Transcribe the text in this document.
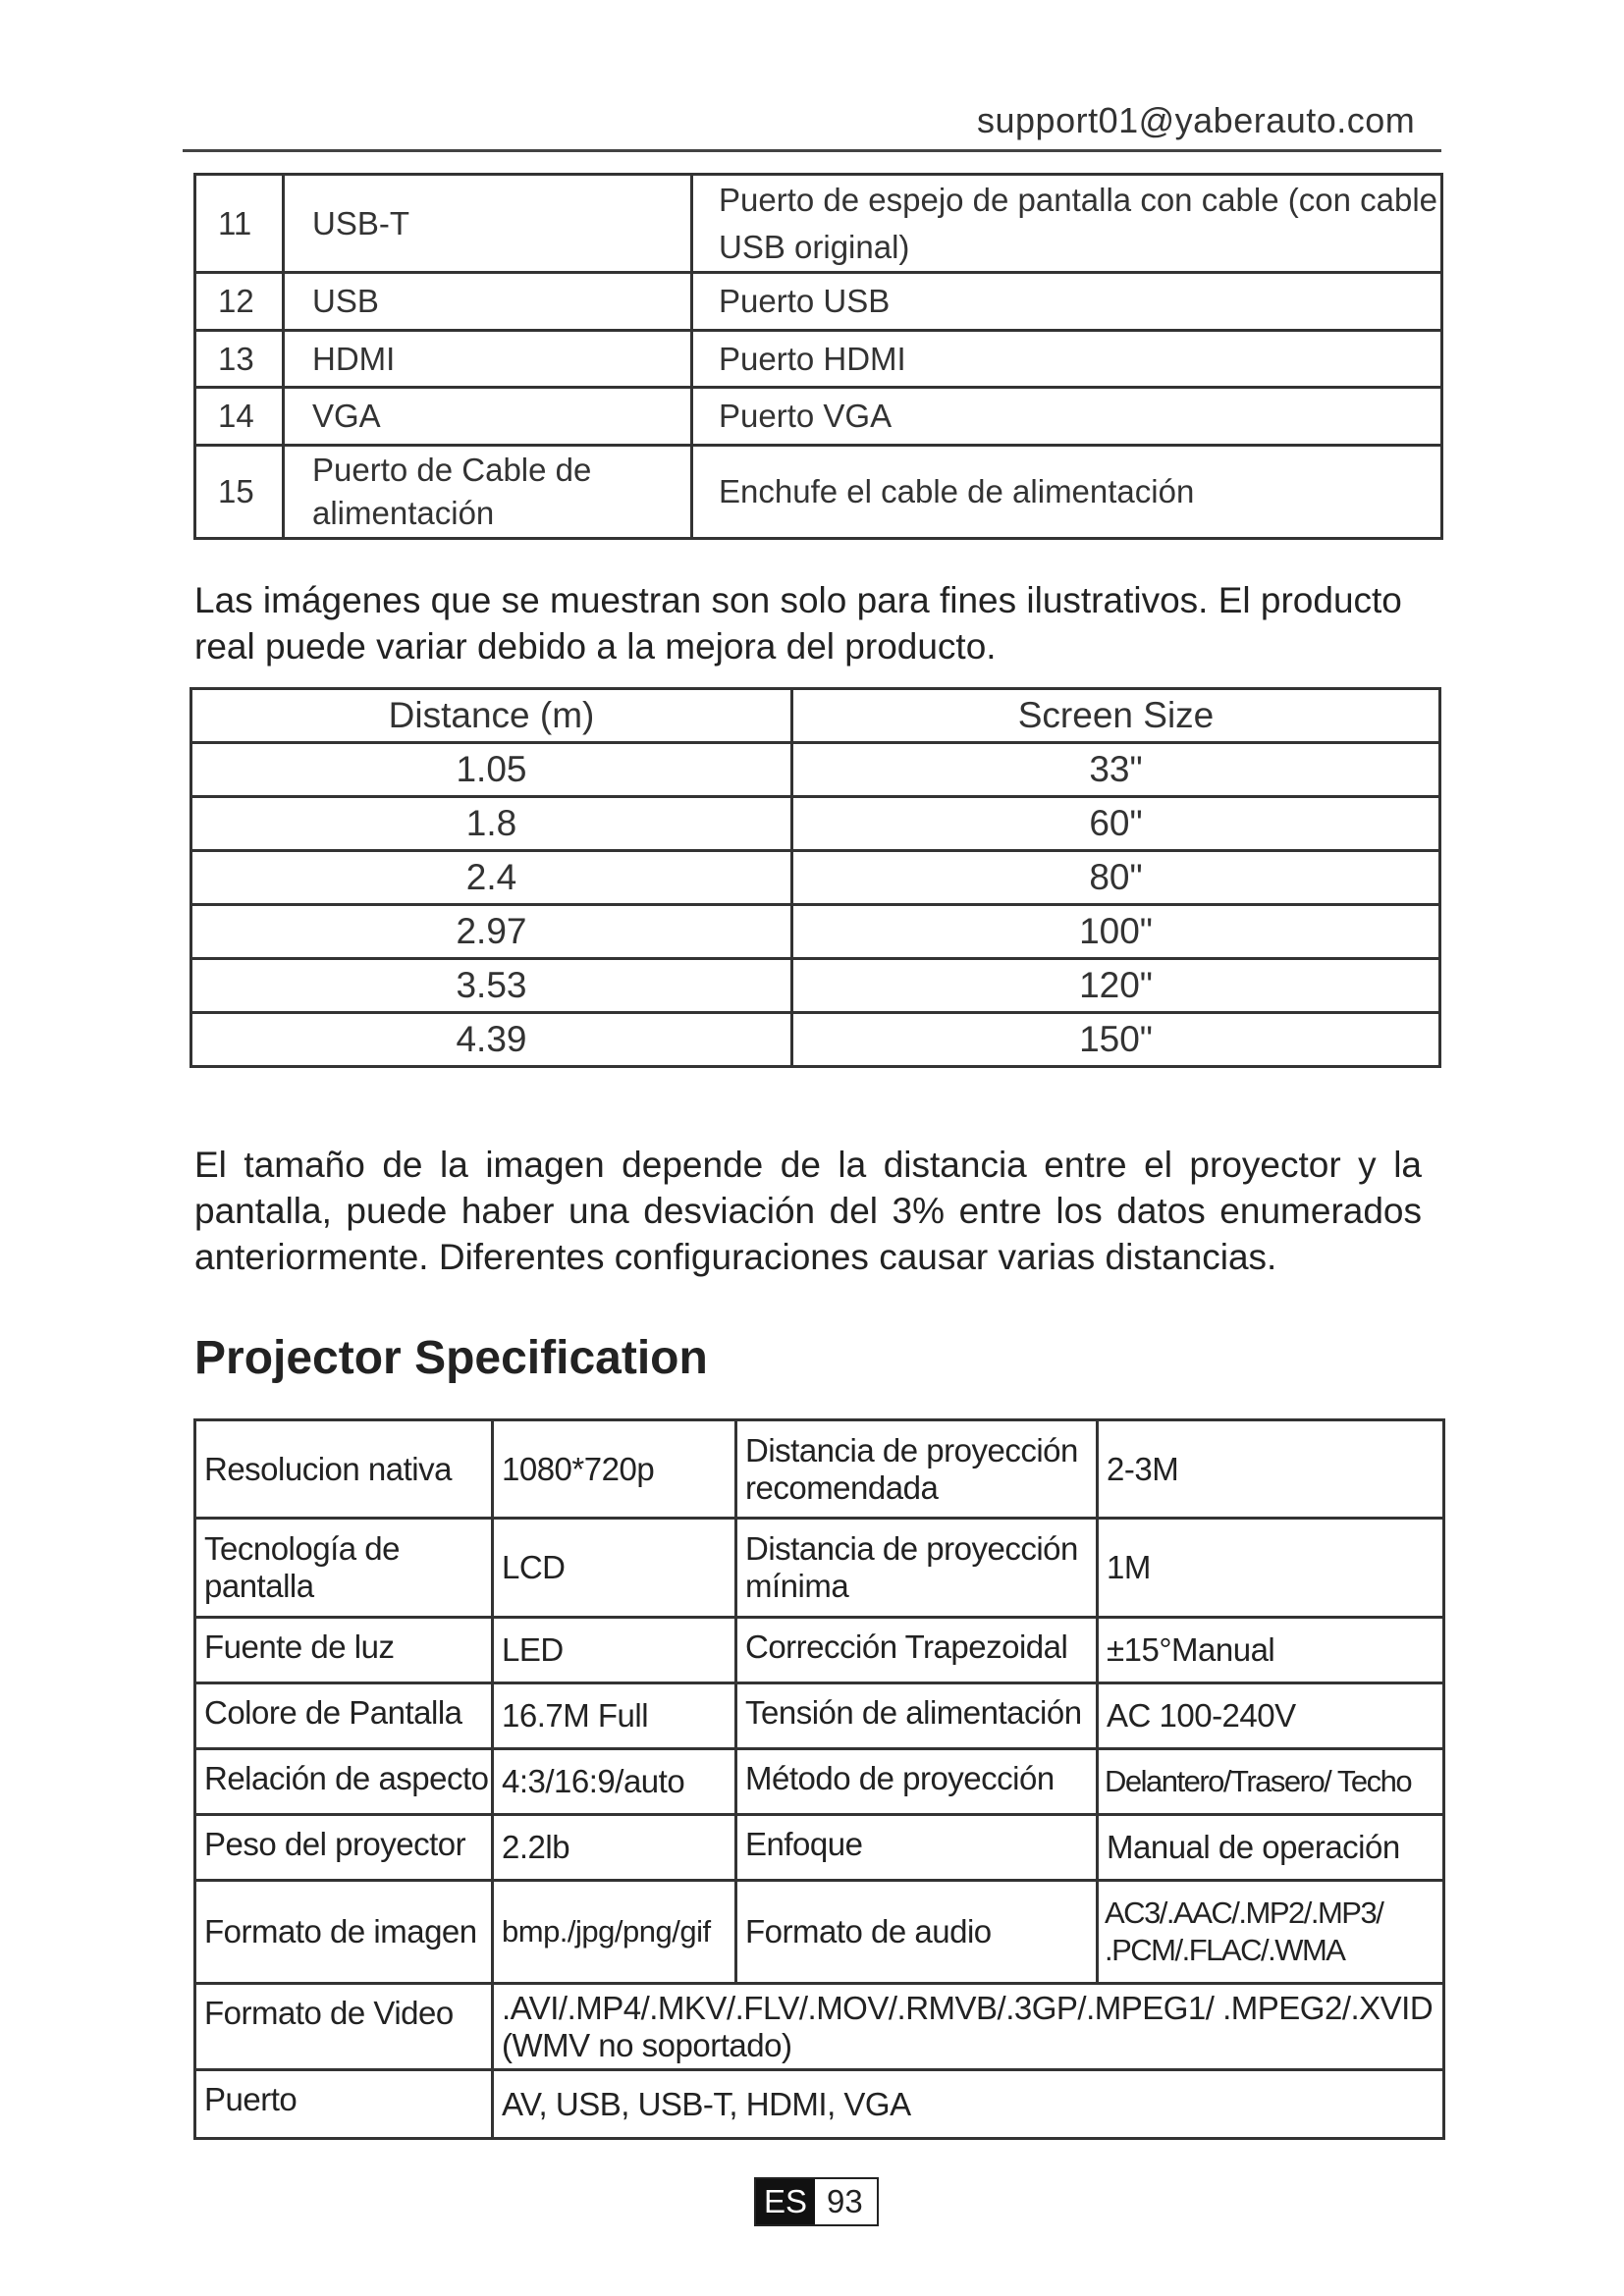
support01@yaberauto.com
11	USB-T	Puerto de espejo de pantalla con cable (con cable USB original)
12	USB	Puerto USB
13	HDMI	Puerto HDMI
14	VGA	Puerto VGA
15	Puerto de Cable de alimentación	Enchufe el cable de alimentación
Las imágenes que se muestran son solo para fines ilustrativos. El producto real puede variar debido a la mejora del producto.
Distance (m)	Screen Size
1.05	33"
1.8	60"
2.4	80"
2.97	100"
3.53	120"
4.39	150"
El tamaño de la imagen depende de la distancia entre el proyector y la pantalla, puede haber una desviación del 3% entre los datos enumerados anteriormente. Diferentes configuraciones causar varias distancias.
Projector Specification
Resolucion nativa	1080*720p	Distancia de proyección recomendada	2-3M
Tecnología de pantalla	LCD	Distancia de proyección mínima	1M
Fuente de luz	LED	Corrección Trapezoidal	±15°Manual
Colore de Pantalla	16.7M Full	Tensión de alimentación	AC 100-240V
Relación de aspecto	4:3/16:9/auto	Método de proyección	Delantero/Trasero/ Techo
Peso del proyector	2.2lb	Enfoque	Manual de operación
Formato de imagen	bmp./jpg/png/gif	Formato de audio	AC3/.AAC/.MP2/.MP3/ .PCM/.FLAC/.WMA
Formato de Video	.AVI/.MP4/.MKV/.FLV/.MOV/.RMVB/.3GP/.MPEG1/ .MPEG2/.XVID (WMV no soportado)		
Puerto	AV, USB, USB-T, HDMI, VGA		
ES 93
